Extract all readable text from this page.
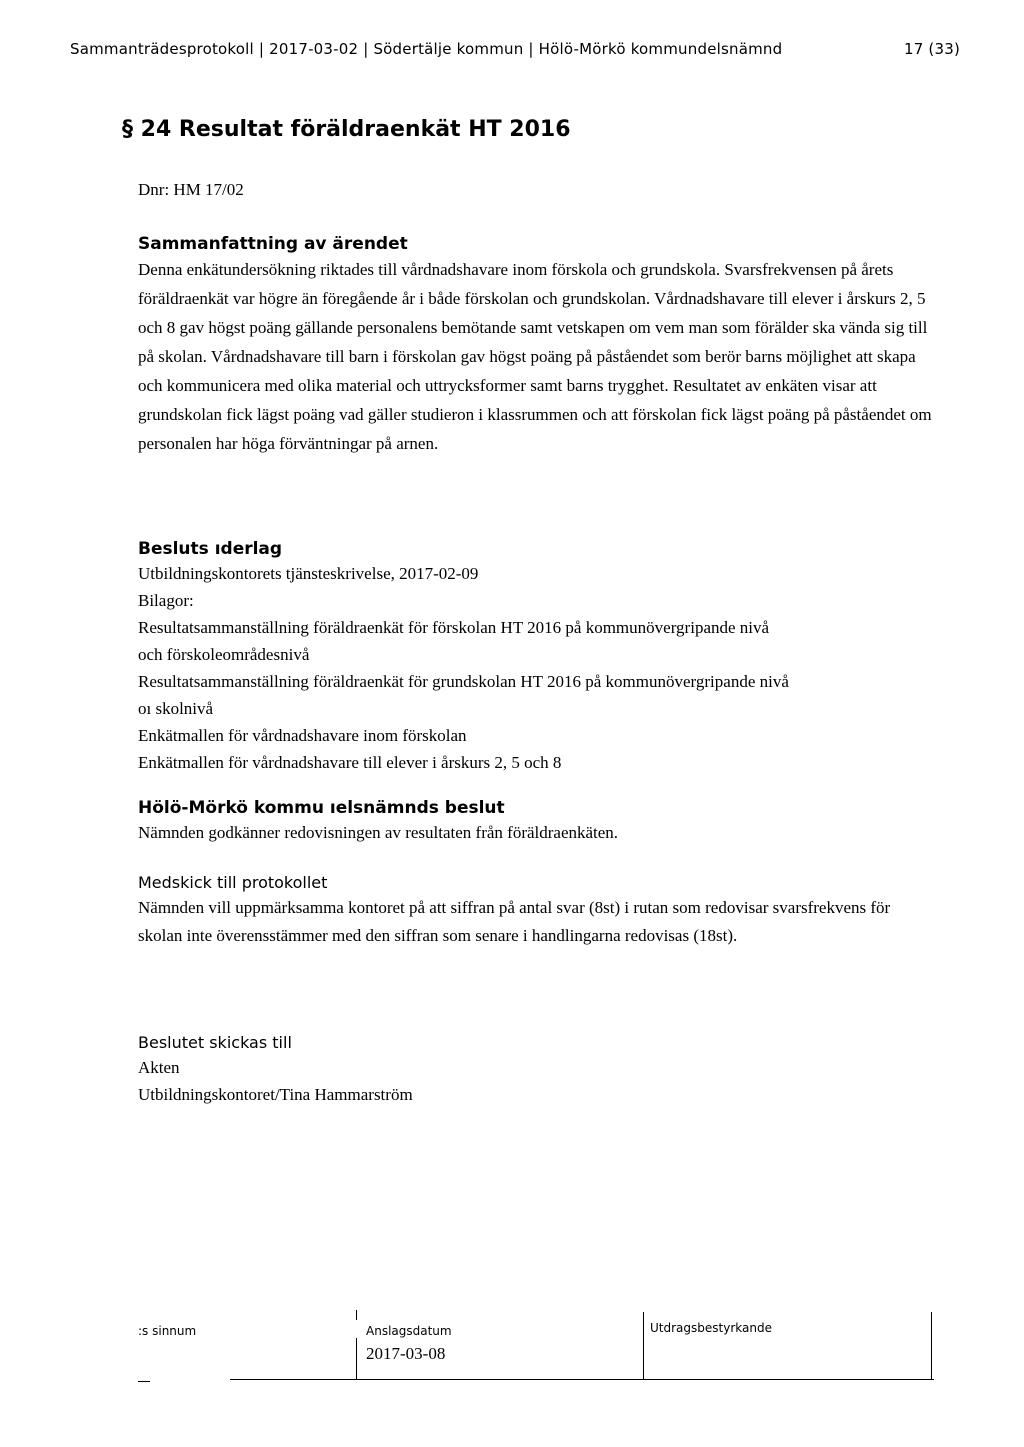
Sammanträdesprotokoll | 2017-03-02 | Södertälje kommun | Hölö-Mörkö kommundelsnämnd	17 (33)
§ 24 Resultat föräldraenkät HT 2016
Dnr: HM 17/02
Sammanfattning av ärendet

Denna enkätundersökning riktades till vårdnadshavare inom förskola och grundskola. Svarsfrekvensen på årets föräldraenkät var högre än föregående år i både förskolan och grundskolan. Vårdnadshavare till elever i årskurs 2, 5 och 8 gav högst poäng gällande personalens bemötande samt vetskapen om vem man som förälder ska vända sig till på skolan. Vårdnadshavare till barn i förskolan gav högst poäng på påståendet som berör barns möjlighet att skapa och kommunicera med olika material och uttrycksformer samt barns trygghet. Resultatet av enkäten visar att grundskolan fick lägst poäng vad gäller studieron i klassrummen och att förskolan fick lägst poäng på påståendet om personalen har höga förväntningar på arnen.

Besluts ıderlag
Utbildningskontorets tjänsteskrivelse, 2017-02-09
Bilagor:
Resultatsammanställning föräldraenkät för förskolan HT 2016 på kommunövergripande nivå
och förskoleområdesnivå
Resultatsammanställning föräldraenkät för grundskolan HT 2016 på kommunövergripande nivå
oı skolnivå
Enkätmallen för vårdnadshavare inom förskolan
Enkätmallen för vårdnadshavare till elever i årskurs 2, 5 och 8
Hölö-Mörkö kommu ıelsnämnds beslut

Nämnden godkänner redovisningen av resultaten från föräldraenkäten.

Medskick till protokollet

Nämnden vill uppmärksamma kontoret på att siffran på antal svar (8st) i rutan som redovisar svarsfrekvens för skolan inte överensstämmer med den siffran som senare i handlingarna redovisas (18st).

Beslutet skickas till
Akten
Utbildningskontoret/Tina Hammarström
:s sinnum	Anslagsdatum
2017-03-08
Utdragsbestyrkande
